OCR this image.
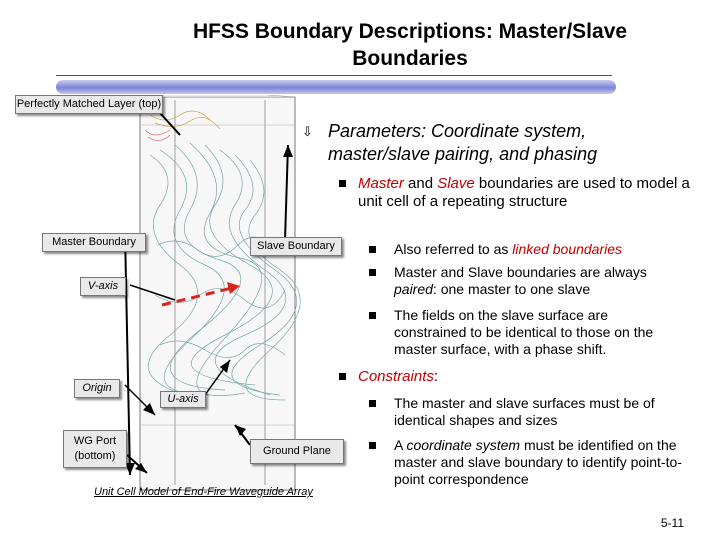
HFSS Boundary Descriptions: Master/Slave
Boundaries
Perfectly Matched Layer (top)
Master Boundary	Slave Boundary
V-axis
Origin
U-axis
WG Port (bottom)	Ground Plane
Unit Cell Model of End-Fire Waveguide Array
⇩ Parameters: Coordinate system, master/slave pairing, and phasing
Master and Slave boundaries are used to model a unit cell of a repeating structure
Also referred to as linked boundaries
Master and Slave boundaries are always paired: one master to one slave
The fields on the slave surface are constrained to be identical to those on the master surface, with a phase shift.
Constraints:
The master and slave surfaces must be of identical shapes and sizes
A coordinate system must be identified on the master and slave boundary to identify point-to-point correspondence
5-11
